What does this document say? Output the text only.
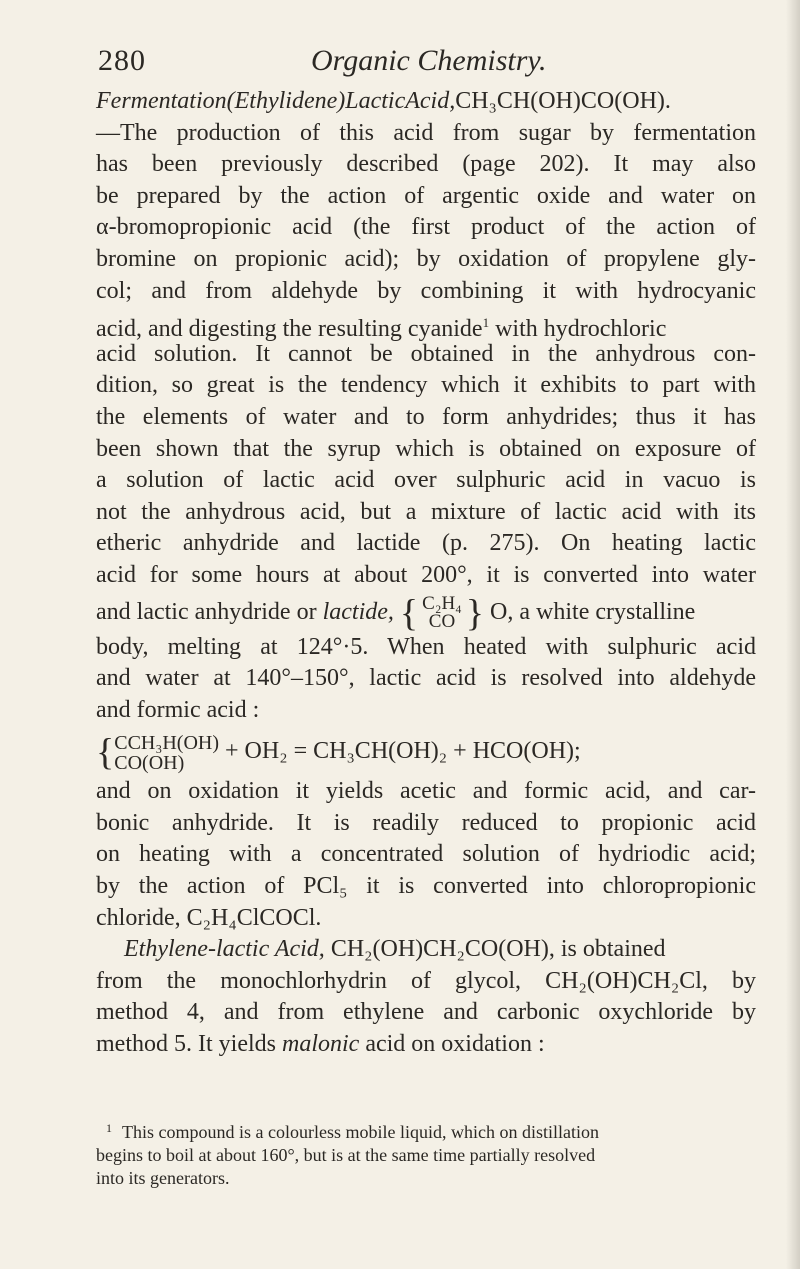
280	Organic Chemistry.
Fermentation(Ethylidene)LacticAcid,CH₃CH(OH)CO(OH).
—The production of this acid from sugar by fermentation
has been previously described (page 202). It may also
be prepared by the action of argentic oxide and water on
α-bromopropionic acid (the first product of the action of
bromine on propionic acid); by oxidation of propylene gly-
col; and from aldehyde by combining it with hydrocyanic
acid, and digesting the resulting cyanide$^1$ with hydrochloric
acid solution. It cannot be obtained in the anhydrous con-
dition, so great is the tendency which it exhibits to part with
the elements of water and to form anhydrides; thus it has
been shown that the syrup which is obtained on exposure of
a solution of lactic acid over sulphuric acid in vacuo is
not the anhydrous acid, but a mixture of lactic acid with its
etheric anhydride and lactide (p. 275). On heating lactic
acid for some hours at about 200°, it is converted into water
and lactic anhydride or lactide, { C₂H₄
CO } O, a white crystalline
body, melting at 124°·5. When heated with sulphuric acid
and water at 140°–150°, lactic acid is resolved into aldehyde
and formic acid :
{ CCH₃H(OH)
CO(OH)	+ OH₂ = CH₃CH(OH)₂ + HCO(OH);
and on oxidation it yields acetic and formic acid, and car-
bonic anhydride. It is readily reduced to propionic acid
on heating with a concentrated solution of hydriodic acid;
by the action of PCl₅ it is converted into chloropropionic
chloride, C₂H₄ClCOCl.
Ethylene-lactic Acid, CH₂(OH)CH₂CO(OH), is obtained
from the monochlorhydrin of glycol, CH₂(OH)CH₂Cl, by
method 4, and from ethylene and carbonic oxychloride by
method 5. It yields malonic acid on oxidation :
$^1$ This compound is a colourless mobile liquid, which on distillation
begins to boil at about 160°, but is at the same time partially resolved
into its generators.
